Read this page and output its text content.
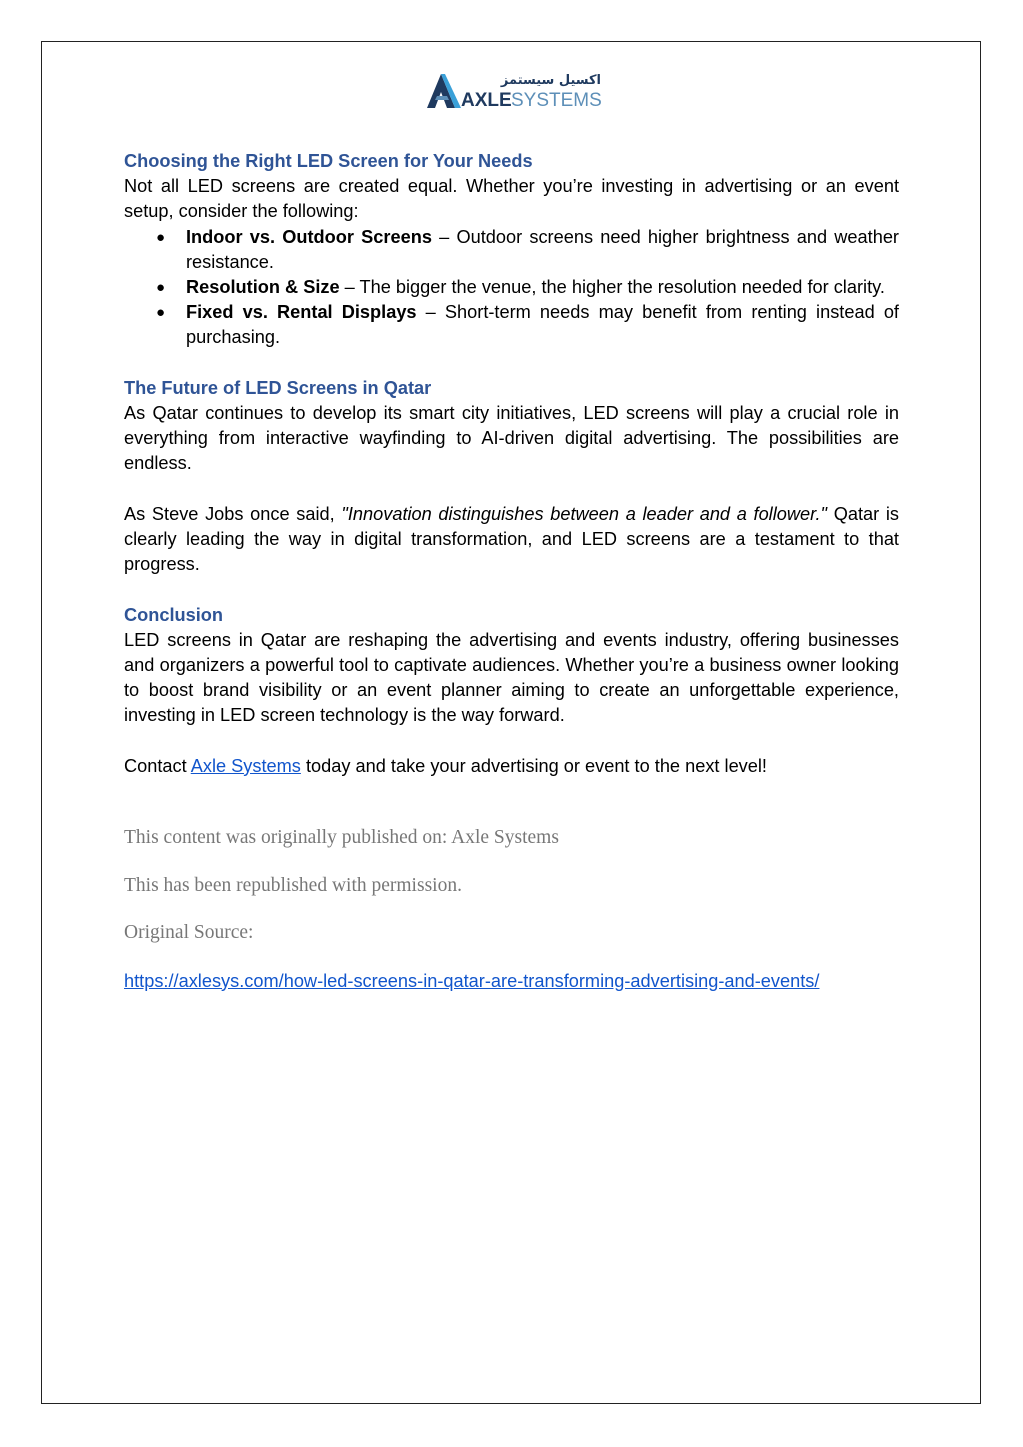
اكسيل سيستمز
AXLE SYSTEMS

Choosing the Right LED Screen for Your Needs

Not all LED screens are created equal. Whether you’re investing in advertising or an event setup, consider the following:

● Indoor vs. Outdoor Screens – Outdoor screens need higher brightness and weather resistance.
● Resolution & Size – The bigger the venue, the higher the resolution needed for clarity.
● Fixed vs. Rental Displays – Short-term needs may benefit from renting instead of purchasing.

The Future of LED Screens in Qatar

As Qatar continues to develop its smart city initiatives, LED screens will play a crucial role in everything from interactive wayfinding to AI-driven digital advertising. The possibilities are endless.

As Steve Jobs once said, "Innovation distinguishes between a leader and a follower." Qatar is clearly leading the way in digital transformation, and LED screens are a testament to that progress.

Conclusion

LED screens in Qatar are reshaping the advertising and events industry, offering businesses and organizers a powerful tool to captivate audiences. Whether you’re a business owner looking to boost brand visibility or an event planner aiming to create an unforgettable experience, investing in LED screen technology is the way forward.

Contact Axle Systems today and take your advertising or event to the next level!

This content was originally published on: Axle Systems

This has been republished with permission.

Original Source:

https://axlesys.com/how-led-screens-in-qatar-are-transforming-advertising-and-events/
